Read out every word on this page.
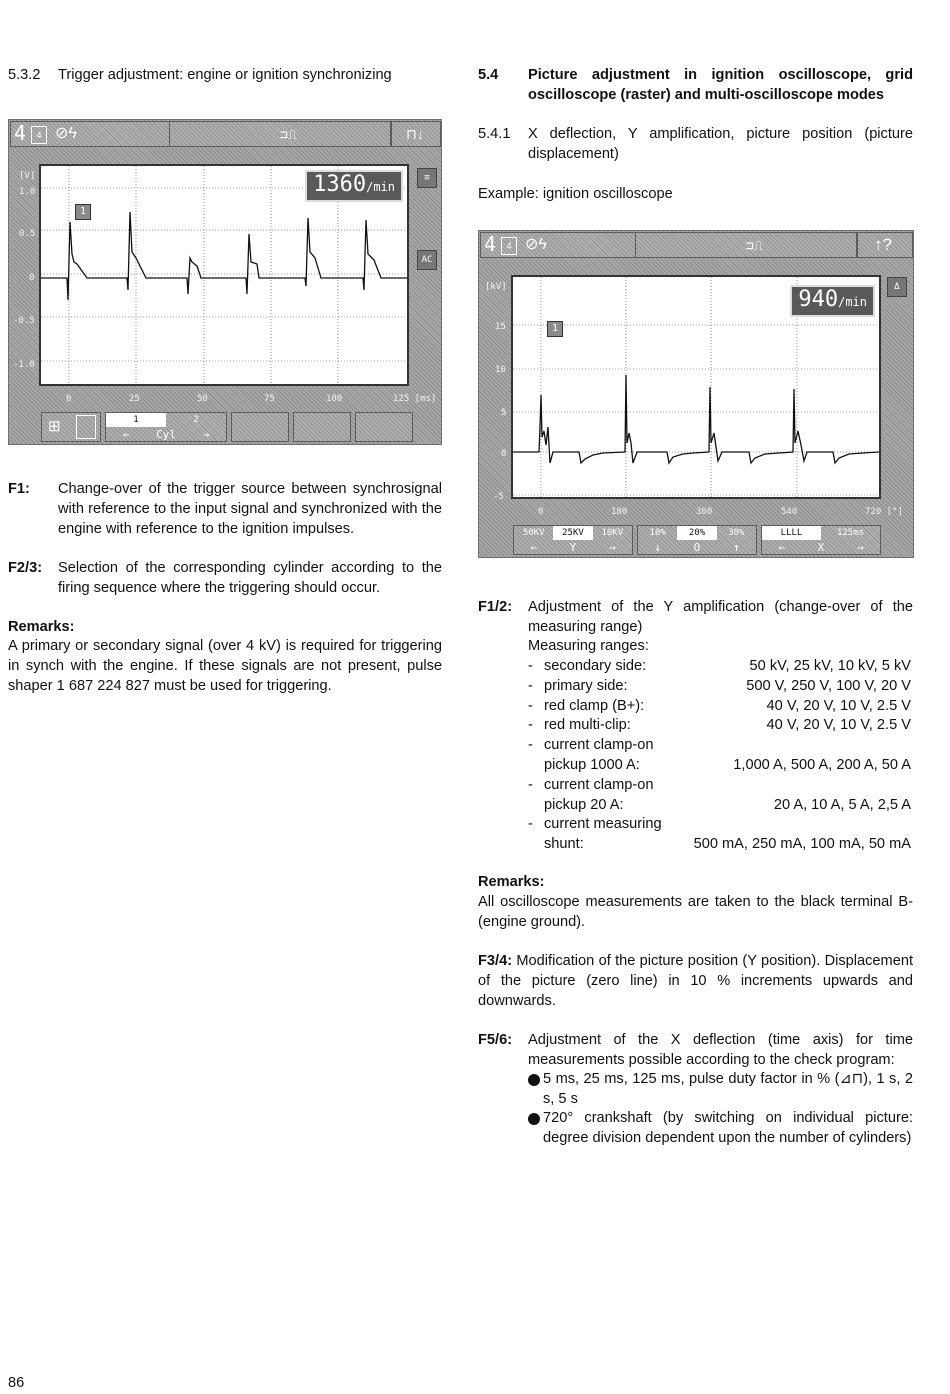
5.3.2 Trigger adjustment: engine or ignition synchronizing
4	4 ⊘ϟ	⊐⎍	⊓↓
1360/min
1
[V]
1.0
0.5
0
-0.5
-1.0
0	25	50	75	100	125 [ms]
≡
AC
⊞	1	2
←	Cyl	→
F1: Change-over of the trigger source between synchrosignal with reference to the input signal and synchronized with the engine with reference to the ignition impulses.
F2/3: Selection of the corresponding cylinder according to the firing sequence where the triggering should occur.
Remarks:
A primary or secondary signal (over 4 kV) is required for triggering in synch with the engine. If these signals are not present, pulse shaper 1 687 224 827 must be used for triggering.
5.4 Picture adjustment in ignition oscilloscope, grid oscilloscope (raster) and multi-oscilloscope modes
5.4.1 X deflection, Y amplification, picture position (picture displacement)
Example: ignition oscilloscope
4	4 ⊘ϟ	⊐⎍	↑?
940/min
1
[kV]
15
10
5
0
-5
0	180	360	540	720 [°]
Δ
50KV	25KV	10KV
←	Y	→
10%	20%	30%
↓	O	↑
LLLL	125ms
←	X	→
F1/2: Adjustment of the Y amplification (change-over of the measuring range)
Measuring ranges:
- secondary side:	50 kV, 25 kV, 10 kV, 5 kV
- primary side:	500 V, 250 V, 100 V, 20 V
- red clamp (B+):	40 V, 20 V, 10 V, 2.5 V
- red multi-clip:	40 V, 20 V, 10 V, 2.5 V
- current clamp-on
pickup 1000 A:	1,000 A, 500 A, 200 A, 50 A
- current clamp-on
pickup 20 A:	20 A, 10 A, 5 A, 2,5 A
- current measuring
shunt:	500 mA, 250 mA, 100 mA, 50 mA
Remarks:
All oscilloscope measurements are taken to the black terminal B- (engine ground).
F3/4: Modification of the picture position (Y position). Displacement of the picture (zero line) in 10 % increments upwards and downwards.
F5/6: Adjustment of the X deflection (time axis) for time measurements possible according to the check program:
5 ms, 25 ms, 125 ms, pulse duty factor in % (⊿⊓), 1 s, 2 s, 5 s
720° crankshaft (by switching on individual picture: degree division dependent upon the number of cylinders)
86
